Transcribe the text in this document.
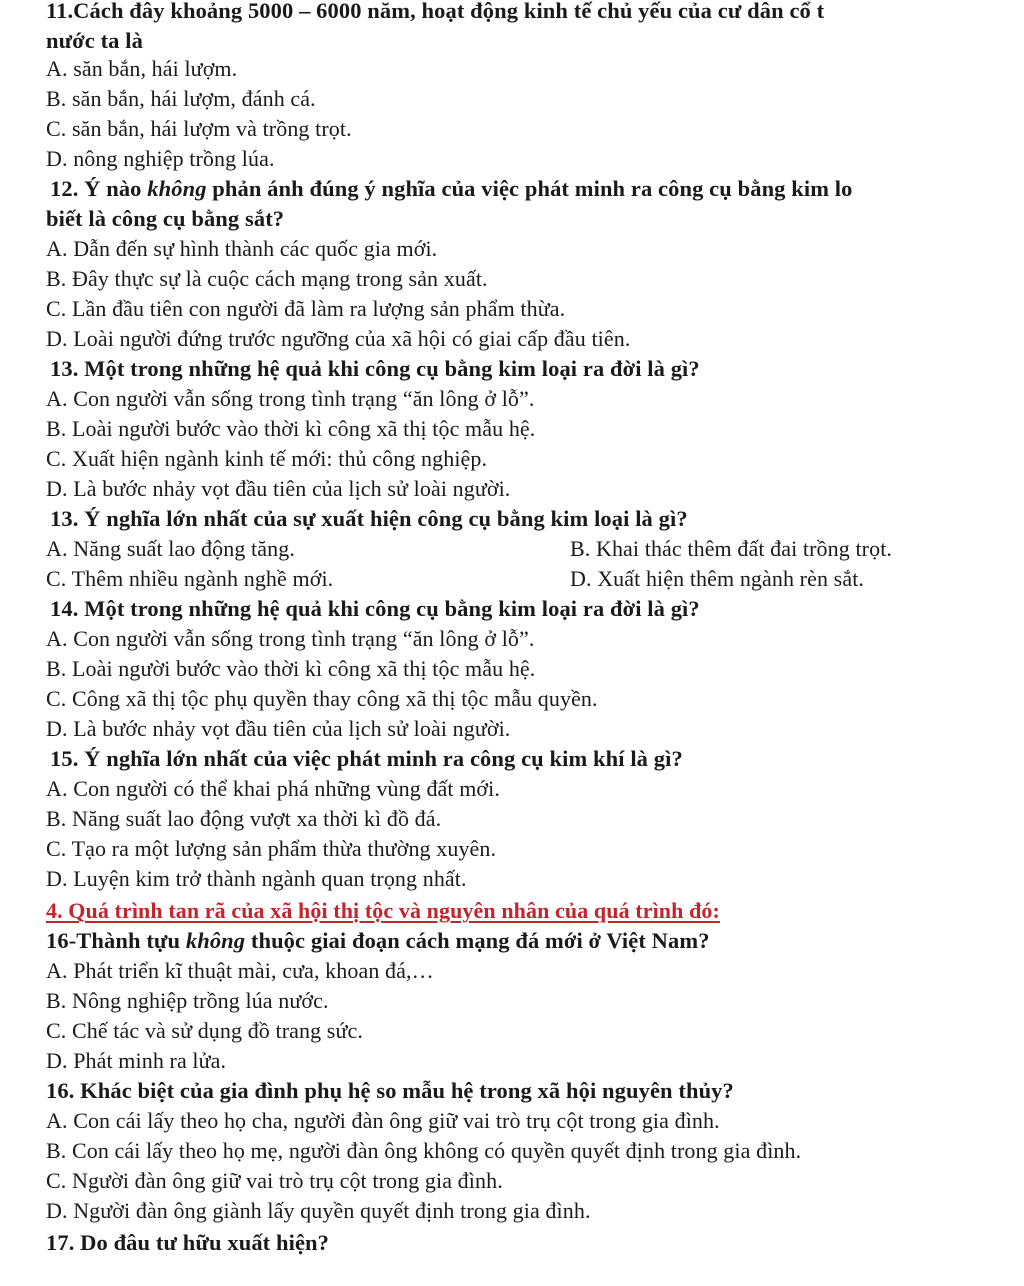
11.Cách đây khoảng 5000 – 6000 năm, hoạt động kinh tế chủ yếu của cư dân cổ t
nước ta là
A. săn bắn, hái lượm.
B. săn bắn, hái lượm, đánh cá.
C. săn bắn, hái lượm và trồng trọt.
D. nông nghiệp trồng lúa.
12. Ý nào không phản ánh đúng ý nghĩa của việc phát minh ra công cụ bằng kim lo
biết là công cụ bằng sắt?
A. Dẫn đến sự hình thành các quốc gia mới.
B. Đây thực sự là cuộc cách mạng trong sản xuất.
C. Lần đầu tiên con người đã làm ra lượng sản phẩm thừa.
D. Loài người đứng trước ngưỡng của xã hội có giai cấp đầu tiên.
13. Một trong những hệ quả khi công cụ bằng kim loại ra đời là gì?
A. Con người vẫn sống trong tình trạng “ăn lông ở lỗ”.
B. Loài người bước vào thời kì công xã thị tộc mẫu hệ.
C. Xuất hiện ngành kinh tế mới: thủ công nghiệp.
D. Là bước nhảy vọt đầu tiên của lịch sử loài người.
13. Ý nghĩa lớn nhất của sự xuất hiện công cụ bằng kim loại là gì?
A. Năng suất lao động tăng.	B. Khai thác thêm đất đai trồng trọt.
C. Thêm nhiều ngành nghề mới.	D. Xuất hiện thêm ngành rèn sắt.
14. Một trong những hệ quả khi công cụ bằng kim loại ra đời là gì?
A. Con người vẫn sống trong tình trạng “ăn lông ở lỗ”.
B. Loài người bước vào thời kì công xã thị tộc mẫu hệ.
C. Công xã thị tộc phụ quyền thay công xã thị tộc mẫu quyền.
D. Là bước nhảy vọt đầu tiên của lịch sử loài người.
15. Ý nghĩa lớn nhất của việc phát minh ra công cụ kim khí là gì?
A. Con người có thể khai phá những vùng đất mới.
B. Năng suất lao động vượt xa thời kì đồ đá.
C. Tạo ra một lượng sản phẩm thừa thường xuyên.
D. Luyện kim trở thành ngành quan trọng nhất.
4. Quá trình tan rã của xã hội thị tộc và nguyên nhân của quá trình đó:
16-Thành tựu không thuộc giai đoạn cách mạng đá mới ở Việt Nam?
A. Phát triển kĩ thuật mài, cưa, khoan đá,…
B. Nông nghiệp trồng lúa nước.
C. Chế tác và sử dụng đồ trang sức.
D. Phát minh ra lửa.
16. Khác biệt của gia đình phụ hệ so mẫu hệ trong xã hội nguyên thủy?
A. Con cái lấy theo họ cha, người đàn ông giữ vai trò trụ cột trong gia đình.
B. Con cái lấy theo họ mẹ, người đàn ông không có quyền quyết định trong gia đình.
C. Người đàn ông giữ vai trò trụ cột trong gia đình.
D. Người đàn ông giành lấy quyền quyết định trong gia đình.
17. Do đâu tư hữu xuất hiện?
